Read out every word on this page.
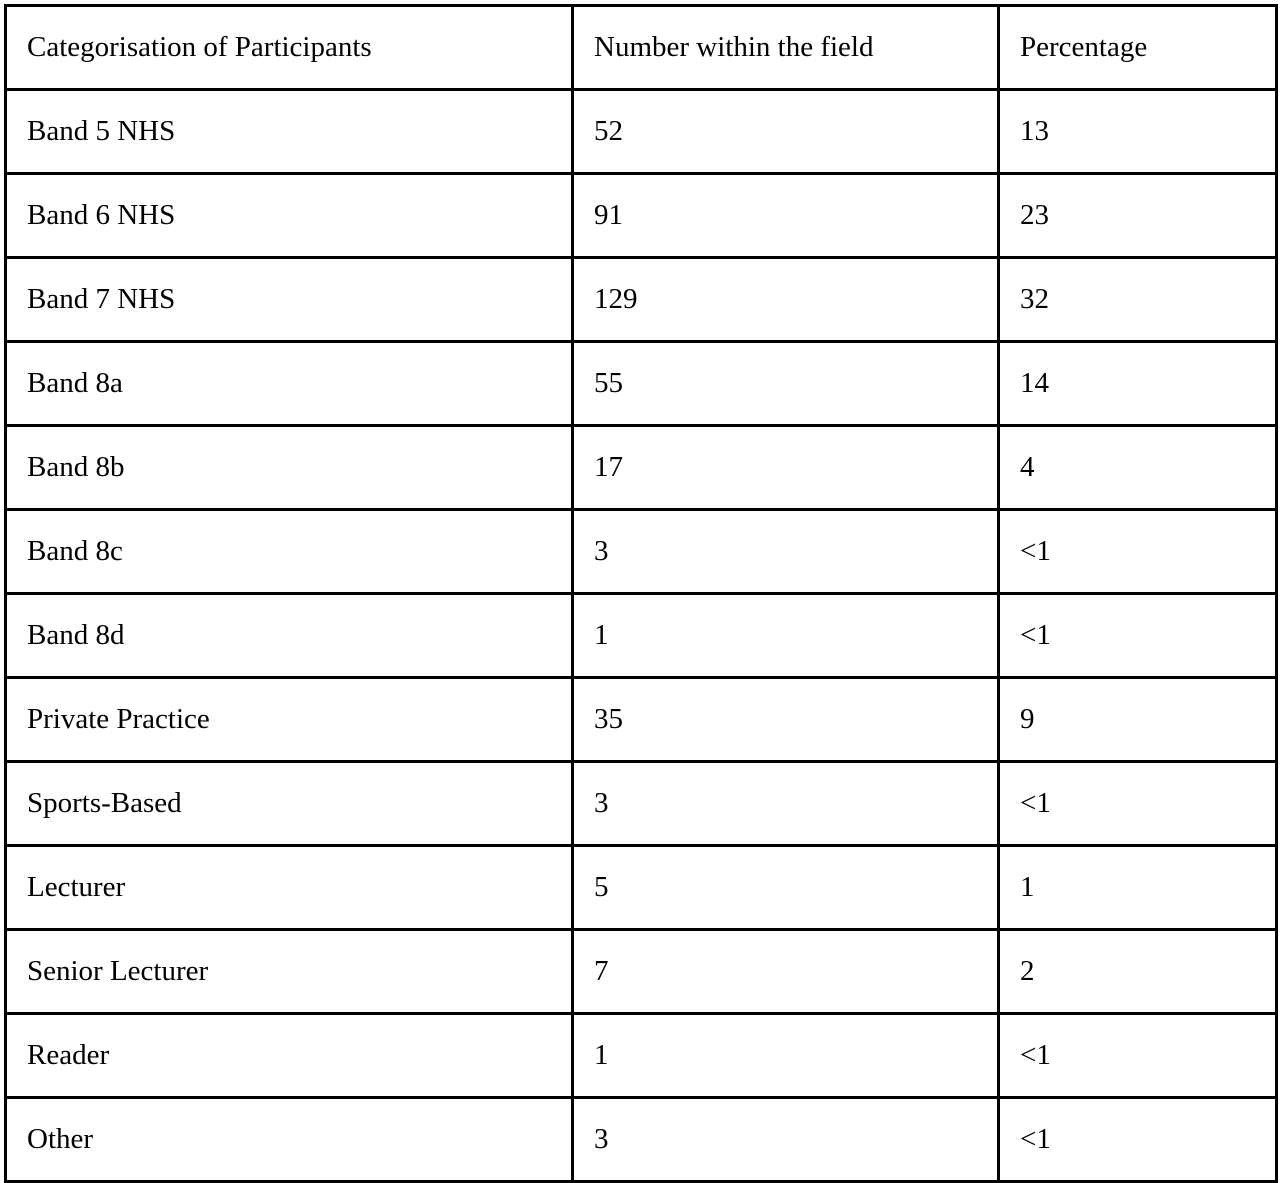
Categorisation of Participants	Number within the field	Percentage
Band 5 NHS	52	13
Band 6 NHS	91	23
Band 7 NHS	129	32
Band 8a	55	14
Band 8b	17	4
Band 8c	3	<1
Band 8d	1	<1
Private Practice	35	9
Sports-Based	3	<1
Lecturer	5	1
Senior Lecturer	7	2
Reader	1	<1
Other	3	<1
